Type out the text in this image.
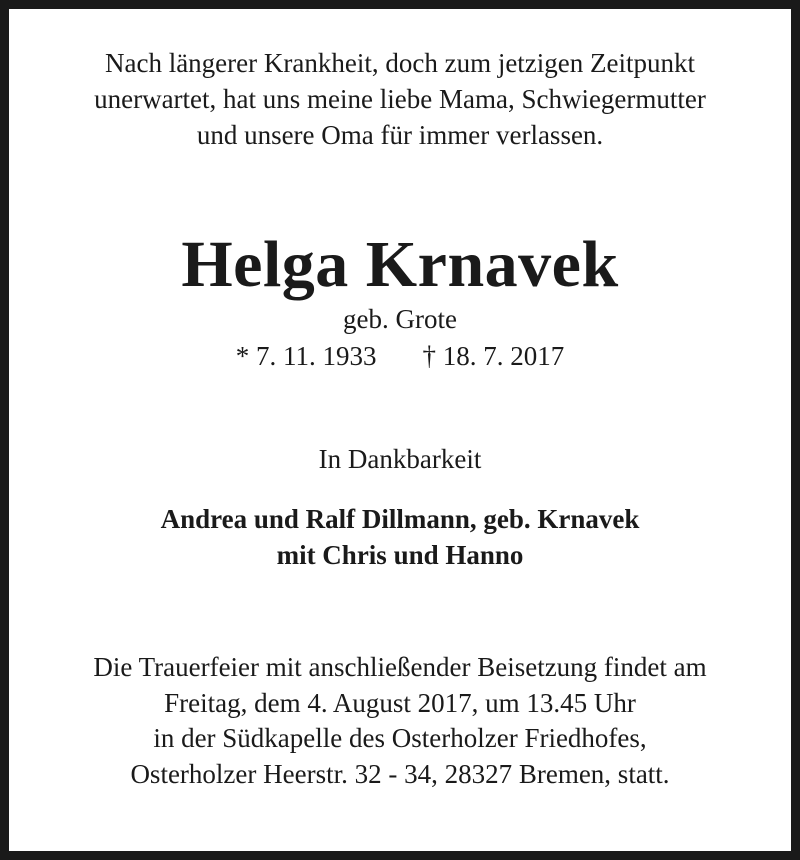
Nach längerer Krankheit, doch zum jetzigen Zeitpunkt
unerwartet, hat uns meine liebe Mama, Schwiegermutter
und unsere Oma für immer verlassen.
Helga Krnavek
geb. Grote
* 7. 11. 1933 † 18. 7. 2017
In Dankbarkeit
Andrea und Ralf Dillmann, geb. Krnavek
mit Chris und Hanno
Die Trauerfeier mit anschließender Beisetzung findet am
Freitag, dem 4. August 2017, um 13.45 Uhr
in der Südkapelle des Osterholzer Friedhofes,
Osterholzer Heerstr. 32 - 34, 28327 Bremen, statt.
